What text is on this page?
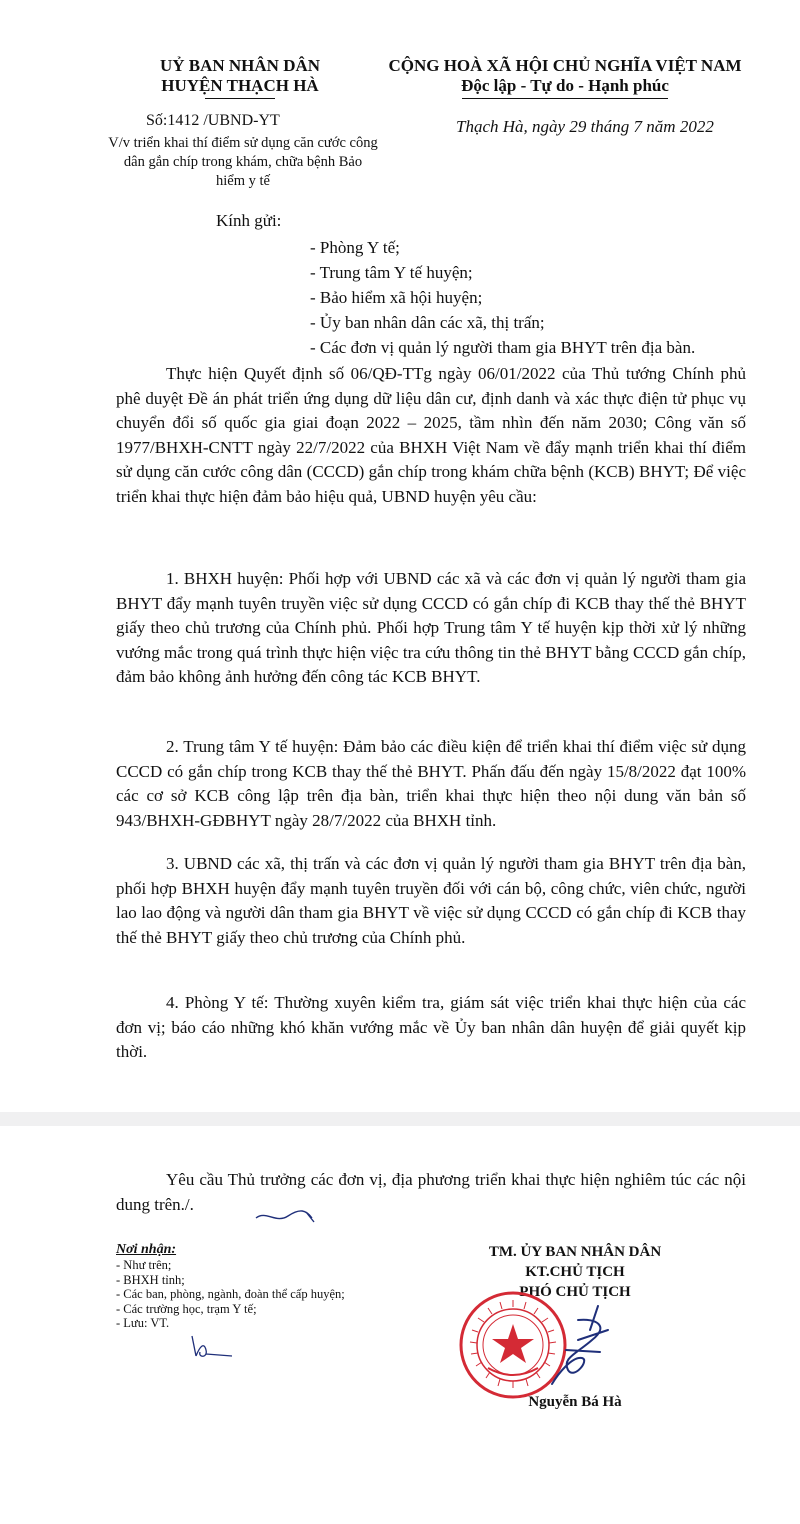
UỶ BAN NHÂN DÂN
HUYỆN THẠCH HÀ
CỘNG HOÀ XÃ HỘI CHỦ NGHĨA VIỆT NAM
Độc lập - Tự do - Hạnh phúc
Số:1412 /UBND-YT
V/v triển khai thí điểm sử dụng căn cước công dân gắn chíp trong khám, chữa bệnh Bảo hiểm y tế
Thạch Hà, ngày 29 tháng 7 năm 2022
Kính gửi:
- Phòng Y tế;
- Trung tâm Y tế huyện;
- Bảo hiểm xã hội huyện;
- Ủy ban nhân dân các xã, thị trấn;
- Các đơn vị quản lý người tham gia BHYT trên địa bàn.

Thực hiện Quyết định số 06/QĐ-TTg ngày 06/01/2022 của Thủ tướng Chính phủ phê duyệt Đề án phát triển ứng dụng dữ liệu dân cư, định danh và xác thực điện tử phục vụ chuyển đổi số quốc gia giai đoạn 2022 – 2025, tầm nhìn đến năm 2030; Công văn số 1977/BHXH-CNTT ngày 22/7/2022 của BHXH Việt Nam về đẩy mạnh triển khai thí điểm sử dụng căn cước công dân (CCCD) gắn chíp trong khám chữa bệnh (KCB) BHYT; Để việc triển khai thực hiện đảm bảo hiệu quả, UBND huyện yêu cầu:

1. BHXH huyện: Phối hợp với UBND các xã và các đơn vị quản lý người tham gia BHYT đẩy mạnh tuyên truyền việc sử dụng CCCD có gắn chíp đi KCB thay thế thẻ BHYT giấy theo chủ trương của Chính phủ. Phối hợp Trung tâm Y tế huyện kịp thời xử lý những vướng mắc trong quá trình thực hiện việc tra cứu thông tin thẻ BHYT bằng CCCD gắn chíp, đảm bảo không ảnh hưởng đến công tác KCB BHYT.

2. Trung tâm Y tế huyện: Đảm bảo các điều kiện để triển khai thí điểm việc sử dụng CCCD có gắn chíp trong KCB thay thế thẻ BHYT. Phấn đấu đến ngày 15/8/2022 đạt 100% các cơ sở KCB công lập trên địa bàn, triển khai thực hiện theo nội dung văn bản số 943/BHXH-GĐBHYT ngày 28/7/2022 của BHXH tỉnh.

3. UBND các xã, thị trấn và các đơn vị quản lý người tham gia BHYT trên địa bàn, phối hợp BHXH huyện đẩy mạnh tuyên truyền đối với cán bộ, công chức, viên chức, người lao lao động và người dân tham gia BHYT về việc sử dụng CCCD có gắn chíp đi KCB thay thế thẻ BHYT giấy theo chủ trương của Chính phủ.

4. Phòng Y tế: Thường xuyên kiểm tra, giám sát việc triển khai thực hiện của các đơn vị; báo cáo những khó khăn vướng mắc về Ủy ban nhân dân huyện để giải quyết kịp thời.

Yêu cầu Thủ trưởng các đơn vị, địa phương triển khai thực hiện nghiêm túc các nội dung trên./.

Nơi nhận:
- Như trên;
- BHXH tỉnh;
- Các ban, phòng, ngành, đoàn thể cấp huyện;
- Các trường học, trạm Y tế;
- Lưu: VT.
TM. ỦY BAN NHÂN DÂN
KT.CHỦ TỊCH
PHÓ CHỦ TỊCH
Nguyễn Bá Hà
